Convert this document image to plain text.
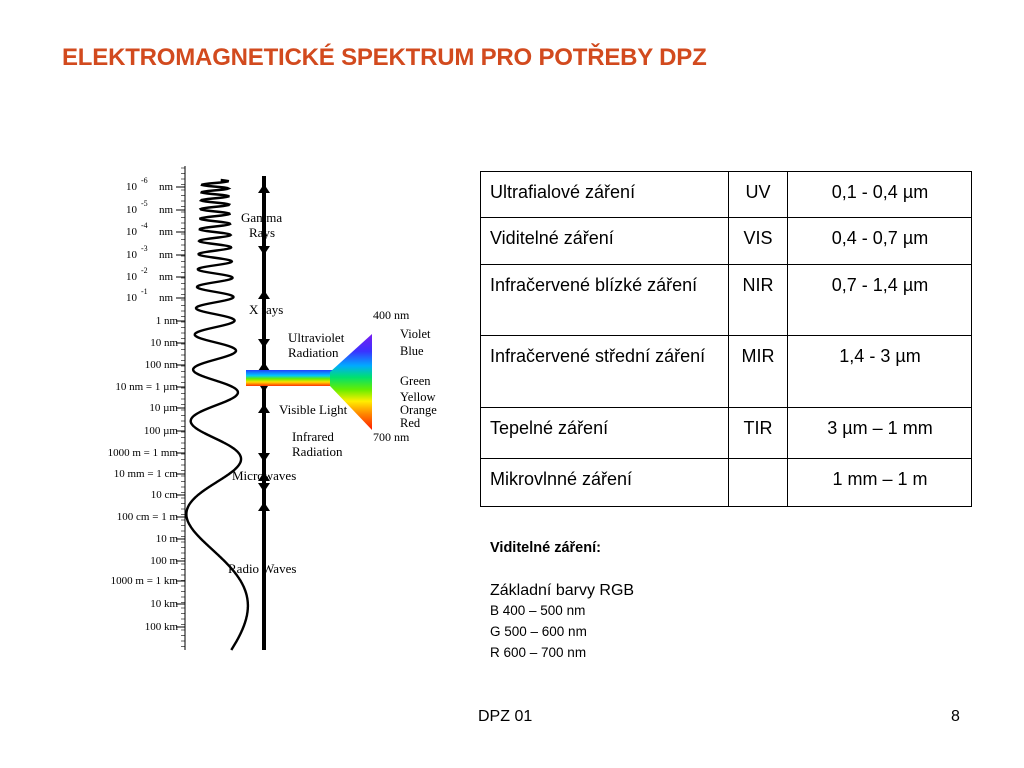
ELEKTROMAGNETICKÉ SPEKTRUM PRO POTŘEBY DPZ
10
-6
nm
10
-5
nm
10
-4
nm
10
-3
nm
10
-2
nm
10
-1
nm
1 nm
10 nm
100 nm
10 nm = 1 µm
10 µm
100 µm
1000 m = 1 mm
10 mm = 1 cm
10 cm
100 cm = 1 m
10 m
100 m
1000 m = 1 km
10 km
100 km
Gamma
Rays
X rays
Ultraviolet
Radiation
Visible Light
Infrared
Radiation
Microwaves
Radio Waves
400 nm
700 nm
Violet
Blue
Green
Yellow
Orange
Red
Ultrafialové záření	UV	0,1 - 0,4 µm
Viditelné záření	VIS	0,4 - 0,7 µm
Infračervené blízké záření	NIR	0,7 - 1,4 µm
Infračervené střední záření	MIR	1,4 - 3 µm
Tepelné záření	TIR	3 µm – 1 mm
Mikrovlnné záření		1 mm – 1 m
Viditelné záření:
Základní barvy RGB
B 400 – 500 nm
G 500 – 600 nm
R 600 – 700 nm
DPZ 01	8
